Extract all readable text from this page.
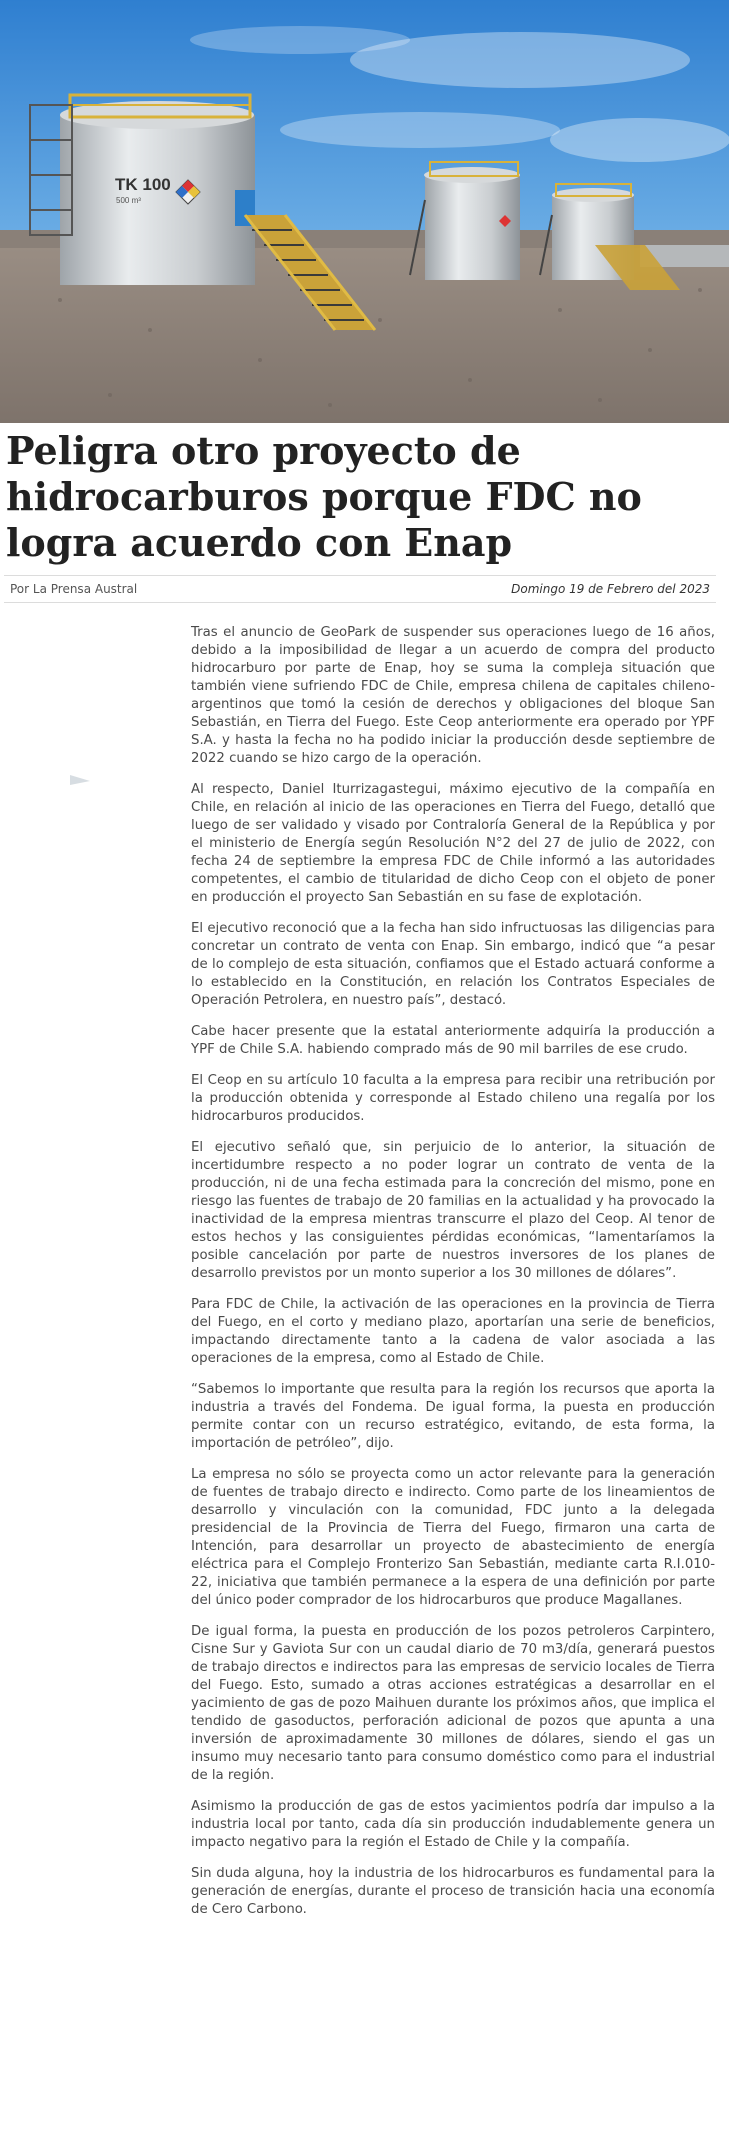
TK 100
500 m³
Peligra otro proyecto de hidrocarburos porque FDC no logra acuerdo con Enap
Por La Prensa Austral	Domingo 19 de Febrero del 2023

Tras el anuncio de GeoPark de suspender sus operaciones luego de 16 años, debido a la imposibilidad de llegar a un acuerdo de compra del producto hidrocarburo por parte de Enap, hoy se suma la compleja situación que también viene sufriendo FDC de Chile, empresa chilena de capitales chileno-argentinos que tomó la cesión de derechos y obligaciones del bloque San Sebastián, en Tierra del Fuego. Este Ceop anteriormente era operado por YPF S.A. y hasta la fecha no ha podido iniciar la producción desde septiembre de 2022 cuando se hizo cargo de la operación.

Al respecto, Daniel Iturrizagastegui, máximo ejecutivo de la compañía en Chile, en relación al inicio de las operaciones en Tierra del Fuego, detalló que luego de ser validado y visado por Contraloría General de la República y por el ministerio de Energía según Resolución N°2 del 27 de julio de 2022, con fecha 24 de septiembre la empresa FDC de Chile informó a las autoridades competentes, el cambio de titularidad de dicho Ceop con el objeto de poner en producción el proyecto San Sebastián en su fase de explotación.

El ejecutivo reconoció que a la fecha han sido infructuosas las diligencias para concretar un contrato de venta con Enap. Sin embargo, indicó que “a pesar de lo complejo de esta situación, confiamos que el Estado actuará conforme a lo establecido en la Constitución, en relación los Contratos Especiales de Operación Petrolera, en nuestro país”, destacó.

Cabe hacer presente que la estatal anteriormente adquiría la producción a YPF de Chile S.A. habiendo comprado más de 90 mil barriles de ese crudo.

El Ceop en su artículo 10 faculta a la empresa para recibir una retribución por la producción obtenida y corresponde al Estado chileno una regalía por los hidrocarburos producidos.

El ejecutivo señaló que, sin perjuicio de lo anterior, la situación de incertidumbre respecto a no poder lograr un contrato de venta de la producción, ni de una fecha estimada para la concreción del mismo, pone en riesgo las fuentes de trabajo de 20 familias en la actualidad y ha provocado la inactividad de la empresa mientras transcurre el plazo del Ceop. Al tenor de estos hechos y las consiguientes pérdidas económicas, “lamentaríamos la posible cancelación por parte de nuestros inversores de los planes de desarrollo previstos por un monto superior a los 30 millones de dólares”.

Para FDC de Chile, la activación de las operaciones en la provincia de Tierra del Fuego, en el corto y mediano plazo, aportarían una serie de beneficios, impactando directamente tanto a la cadena de valor asociada a las operaciones de la empresa, como al Estado de Chile.

“Sabemos lo importante que resulta para la región los recursos que aporta la industria a través del Fondema. De igual forma, la puesta en producción permite contar con un recurso estratégico, evitando, de esta forma, la importación de petróleo”, dijo.

La empresa no sólo se proyecta como un actor relevante para la generación de fuentes de trabajo directo e indirecto. Como parte de los lineamientos de desarrollo y vinculación con la comunidad, FDC junto a la delegada presidencial de la Provincia de Tierra del Fuego, firmaron una carta de Intención, para desarrollar un proyecto de abastecimiento de energía eléctrica para el Complejo Fronterizo San Sebastián, mediante carta R.I.010-22, iniciativa que también permanece a la espera de una definición por parte del único poder comprador de los hidrocarburos que produce Magallanes.

De igual forma, la puesta en producción de los pozos petroleros Carpintero, Cisne Sur y Gaviota Sur con un caudal diario de 70 m3/día, generará puestos de trabajo directos e indirectos para las empresas de servicio locales de Tierra del Fuego. Esto, sumado a otras acciones estratégicas a desarrollar en el yacimiento de gas de pozo Maihuen durante los próximos años, que implica el tendido de gasoductos, perforación adicional de pozos que apunta a una inversión de aproximadamente 30 millones de dólares, siendo el gas un insumo muy necesario tanto para consumo doméstico como para el industrial de la región.

Asimismo la producción de gas de estos yacimientos podría dar impulso a la industria local por tanto, cada día sin producción indudablemente genera un impacto negativo para la región el Estado de Chile y la compañía.

Sin duda alguna, hoy la industria de los hidrocarburos es fundamental para la generación de energías, durante el proceso de transición hacia una economía de Cero Carbono.
